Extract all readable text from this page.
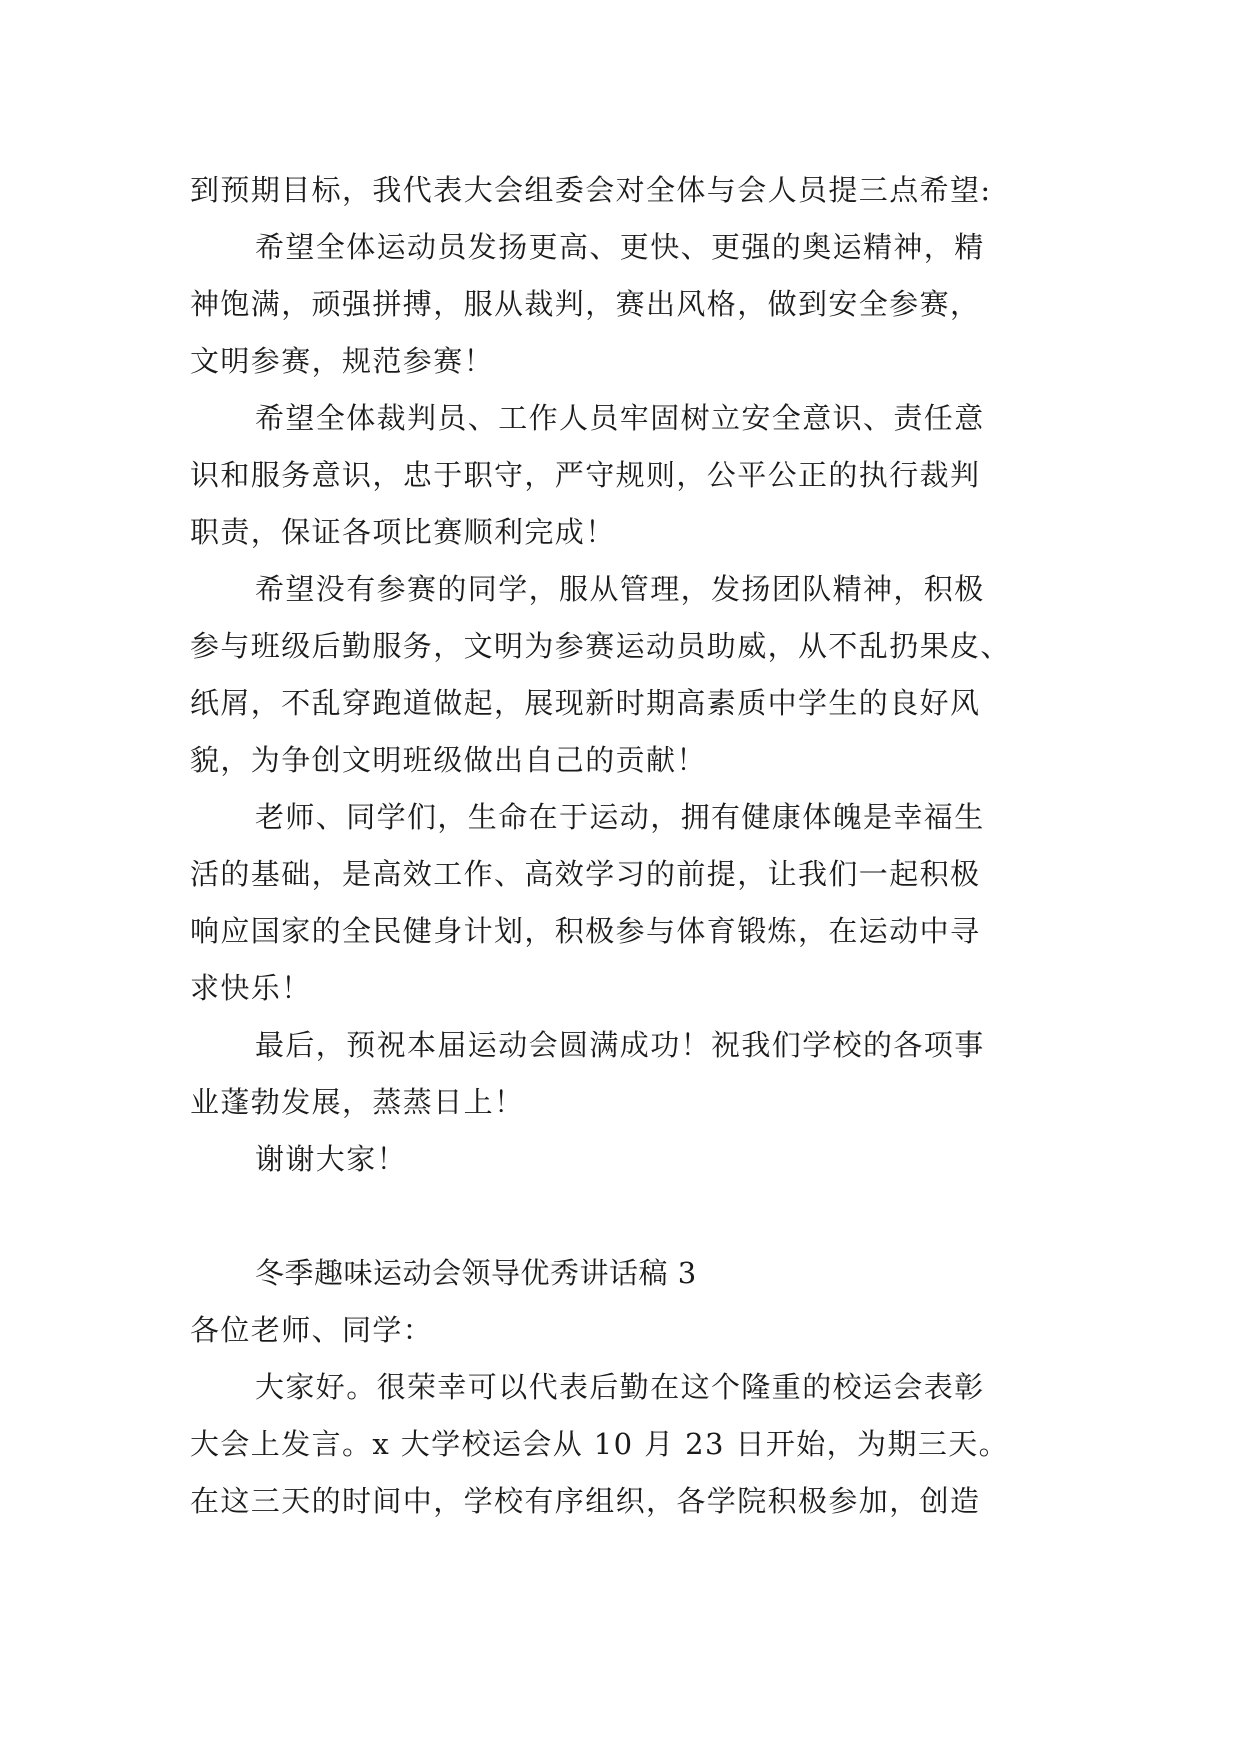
到预期目标，我代表大会组委会对全体与会人员提三点希望:
希望全体运动员发扬更高、更快、更强的奥运精神，精
神饱满，顽强拼搏，服从裁判，赛出风格，做到安全参赛，
文明参赛，规范参赛！
希望全体裁判员、工作人员牢固树立安全意识、责任意
识和服务意识，忠于职守，严守规则，公平公正的执行裁判
职责，保证各项比赛顺利完成！
希望没有参赛的同学，服从管理，发扬团队精神，积极
参与班级后勤服务，文明为参赛运动员助威，从不乱扔果皮、
纸屑，不乱穿跑道做起，展现新时期高素质中学生的良好风
貌，为争创文明班级做出自己的贡献！
老师、同学们，生命在于运动，拥有健康体魄是幸福生
活的基础，是高效工作、高效学习的前提，让我们一起积极
响应国家的全民健身计划，积极参与体育锻炼，在运动中寻
求快乐！
最后，预祝本届运动会圆满成功！祝我们学校的各项事
业蓬勃发展，蒸蒸日上！
谢谢大家！
冬季趣味运动会领导优秀讲话稿 3
各位老师、同学：
大家好。很荣幸可以代表后勤在这个隆重的校运会表彰
大会上发言。x 大学校运会从 10 月 23 日开始，为期三天。
在这三天的时间中，学校有序组织，各学院积极参加，创造
